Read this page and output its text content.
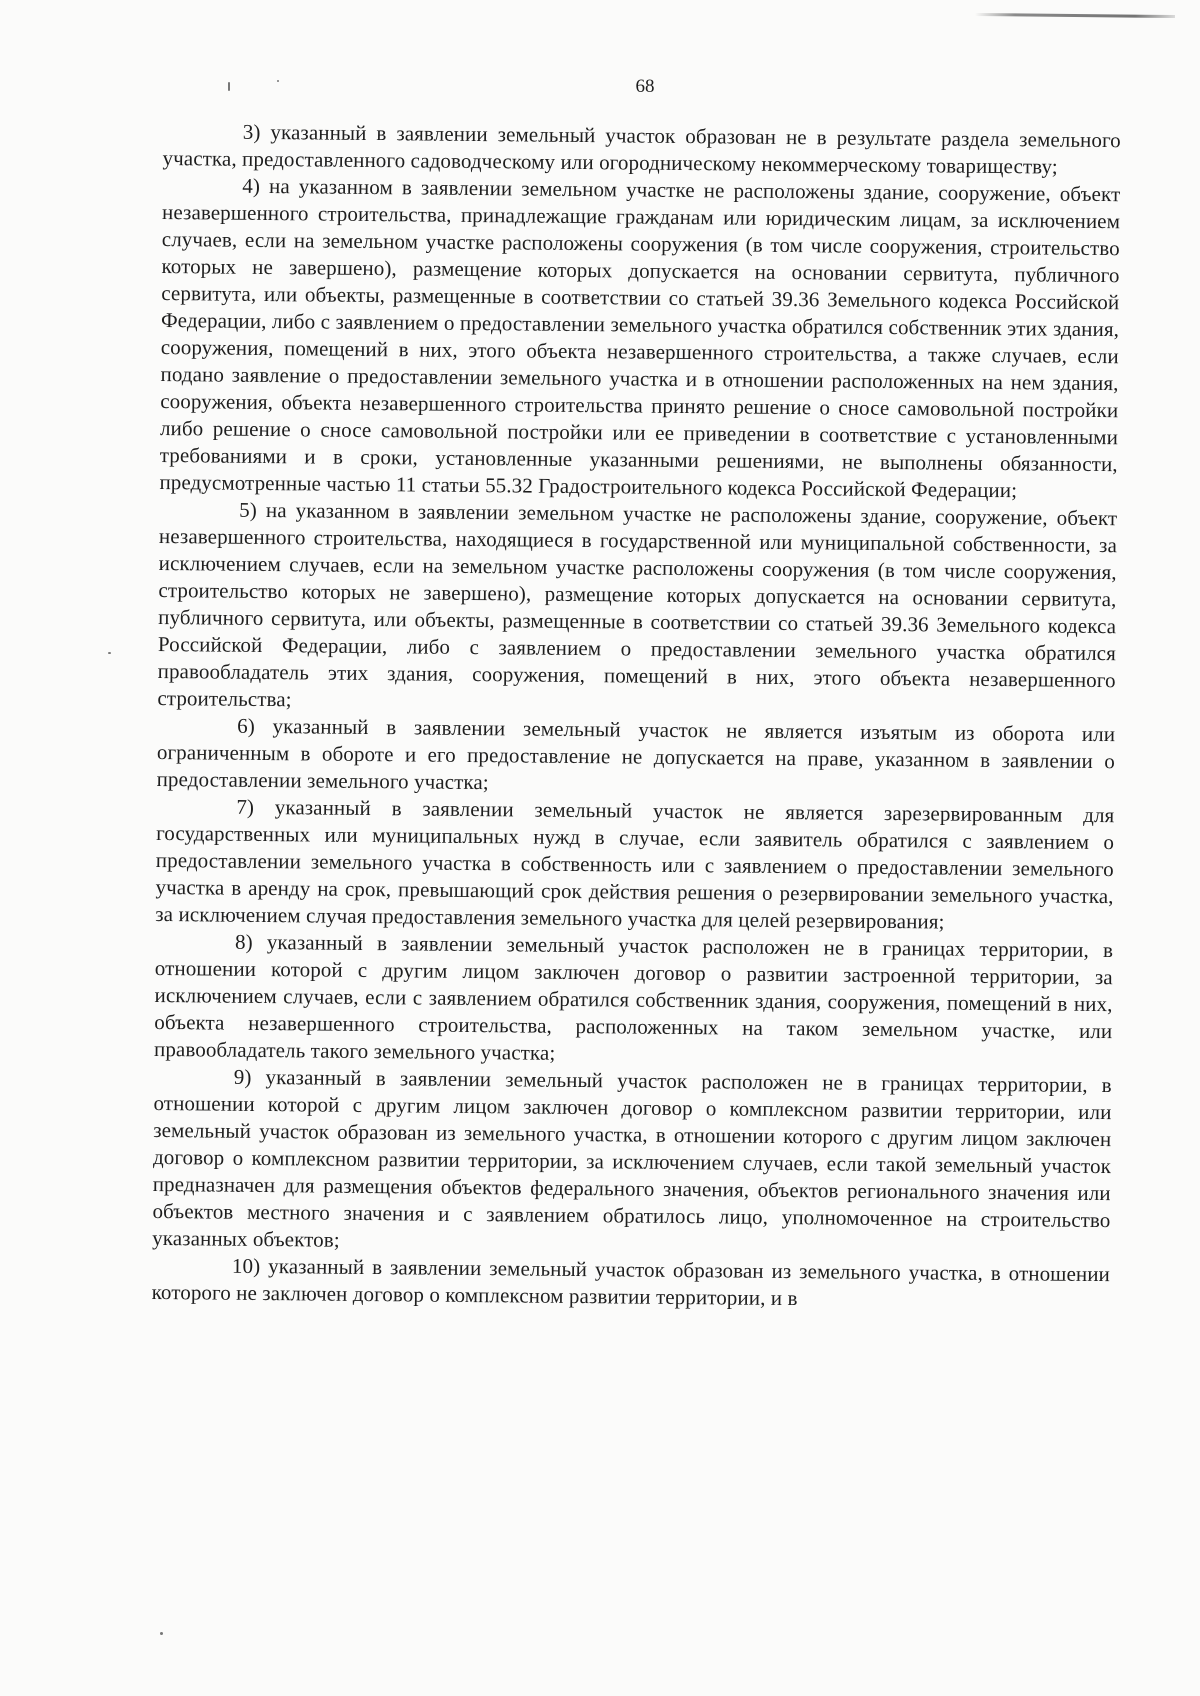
68

3) указанный в заявлении земельный участок образован не в результате раздела земельного участка, предоставленного садоводческому или огородническому некоммерческому товариществу;

4) на указанном в заявлении земельном участке не расположены здание, сооружение, объект незавершенного строительства, принадлежащие гражданам или юридическим лицам, за исключением случаев, если на земельном участке расположены сооружения (в том числе сооружения, строительство которых не завершено), размещение которых допускается на основании сервитута, публичного сервитута, или объекты, размещенные в соответствии со статьей 39.36 Земельного кодекса Российской Федерации, либо с заявлением о предоставлении земельного участка обратился собственник этих здания, сооружения, помещений в них, этого объекта незавершенного строительства, а также случаев, если подано заявление о предоставлении земельного участка и в отношении расположенных на нем здания, сооружения, объекта незавершенного строительства принято решение о сносе самовольной постройки либо решение о сносе самовольной постройки или ее приведении в соответствие с установленными требованиями и в сроки, установленные указанными решениями, не выполнены обязанности, предусмотренные частью 11 статьи 55.32 Градостроительного кодекса Российской Федерации;

5) на указанном в заявлении земельном участке не расположены здание, сооружение, объект незавершенного строительства, находящиеся в государственной или муниципальной собственности, за исключением случаев, если на земельном участке расположены сооружения (в том числе сооружения, строительство которых не завершено), размещение которых допускается на основании сервитута, публичного сервитута, или объекты, размещенные в соответствии со статьей 39.36 Земельного кодекса Российской Федерации, либо с заявлением о предоставлении земельного участка обратился правообладатель этих здания, сооружения, помещений в них, этого объекта незавершенного строительства;

6) указанный в заявлении земельный участок не является изъятым из оборота или ограниченным в обороте и его предоставление не допускается на праве, указанном в заявлении о предоставлении земельного участка;

7) указанный в заявлении земельный участок не является зарезервированным для государственных или муниципальных нужд в случае, если заявитель обратился с заявлением о предоставлении земельного участка в собственность или с заявлением о предоставлении земельного участка в аренду на срок, превышающий срок действия решения о резервировании земельного участка, за исключением случая предоставления земельного участка для целей резервирования;

8) указанный в заявлении земельный участок расположен не в границах территории, в отношении которой с другим лицом заключен договор о развитии застроенной территории, за исключением случаев, если с заявлением обратился собственник здания, сооружения, помещений в них, объекта незавершенного строительства, расположенных на таком земельном участке, или правообладатель такого земельного участка;

9) указанный в заявлении земельный участок расположен не в границах территории, в отношении которой с другим лицом заключен договор о комплексном развитии территории, или земельный участок образован из земельного участка, в отношении которого с другим лицом заключен договор о комплексном развитии территории, за исключением случаев, если такой земельный участок предназначен для размещения объектов федерального значения, объектов регионального значения или объектов местного значения и с заявлением обратилось лицо, уполномоченное на строительство указанных объектов;

10) указанный в заявлении земельный участок образован из земельного участка, в отношении которого не заключен договор о комплексном развитии территории, и в
